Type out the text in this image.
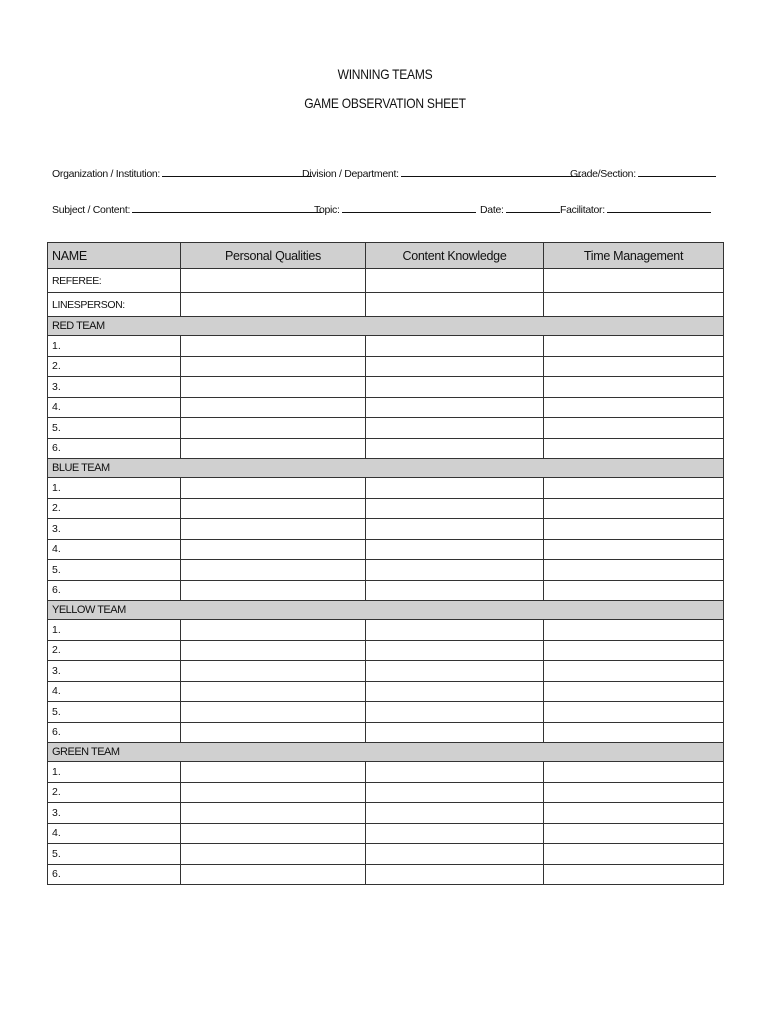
WINNING TEAMS
GAME OBSERVATION SHEET
Organization / Institution:	Division / Department:	Grade/Section:
Subject / Content:	Topic:	Date:	Facilitator:
NAME	Personal Qualities	Content Knowledge	Time Management
REFEREE:			
LINESPERSON:			
RED TEAM			
1.			
2.			
3.			
4.			
5.			
6.			
BLUE TEAM			
1.			
2.			
3.			
4.			
5.			
6.			
YELLOW TEAM			
1.			
2.			
3.			
4.			
5.			
6.			
GREEN TEAM			
1.			
2.			
3.			
4.			
5.			
6.			
